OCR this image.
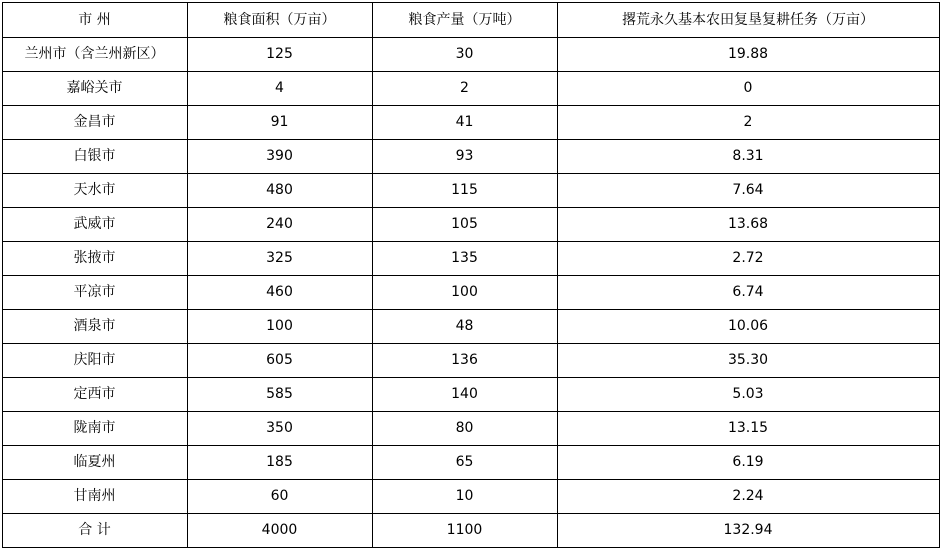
市 州	粮食面积（万亩）	粮食产量（万吨）	撂荒永久基本农田复垦复耕任务（万亩）
兰州市（含兰州新区）	125	30	19.88
嘉峪关市	4	2	0
金昌市	91	41	2
白银市	390	93	8.31
天水市	480	115	7.64
武威市	240	105	13.68
张掖市	325	135	2.72
平凉市	460	100	6.74
酒泉市	100	48	10.06
庆阳市	605	136	35.30
定西市	585	140	5.03
陇南市	350	80	13.15
临夏州	185	65	6.19
甘南州	60	10	2.24
合 计	4000	1100	132.94
